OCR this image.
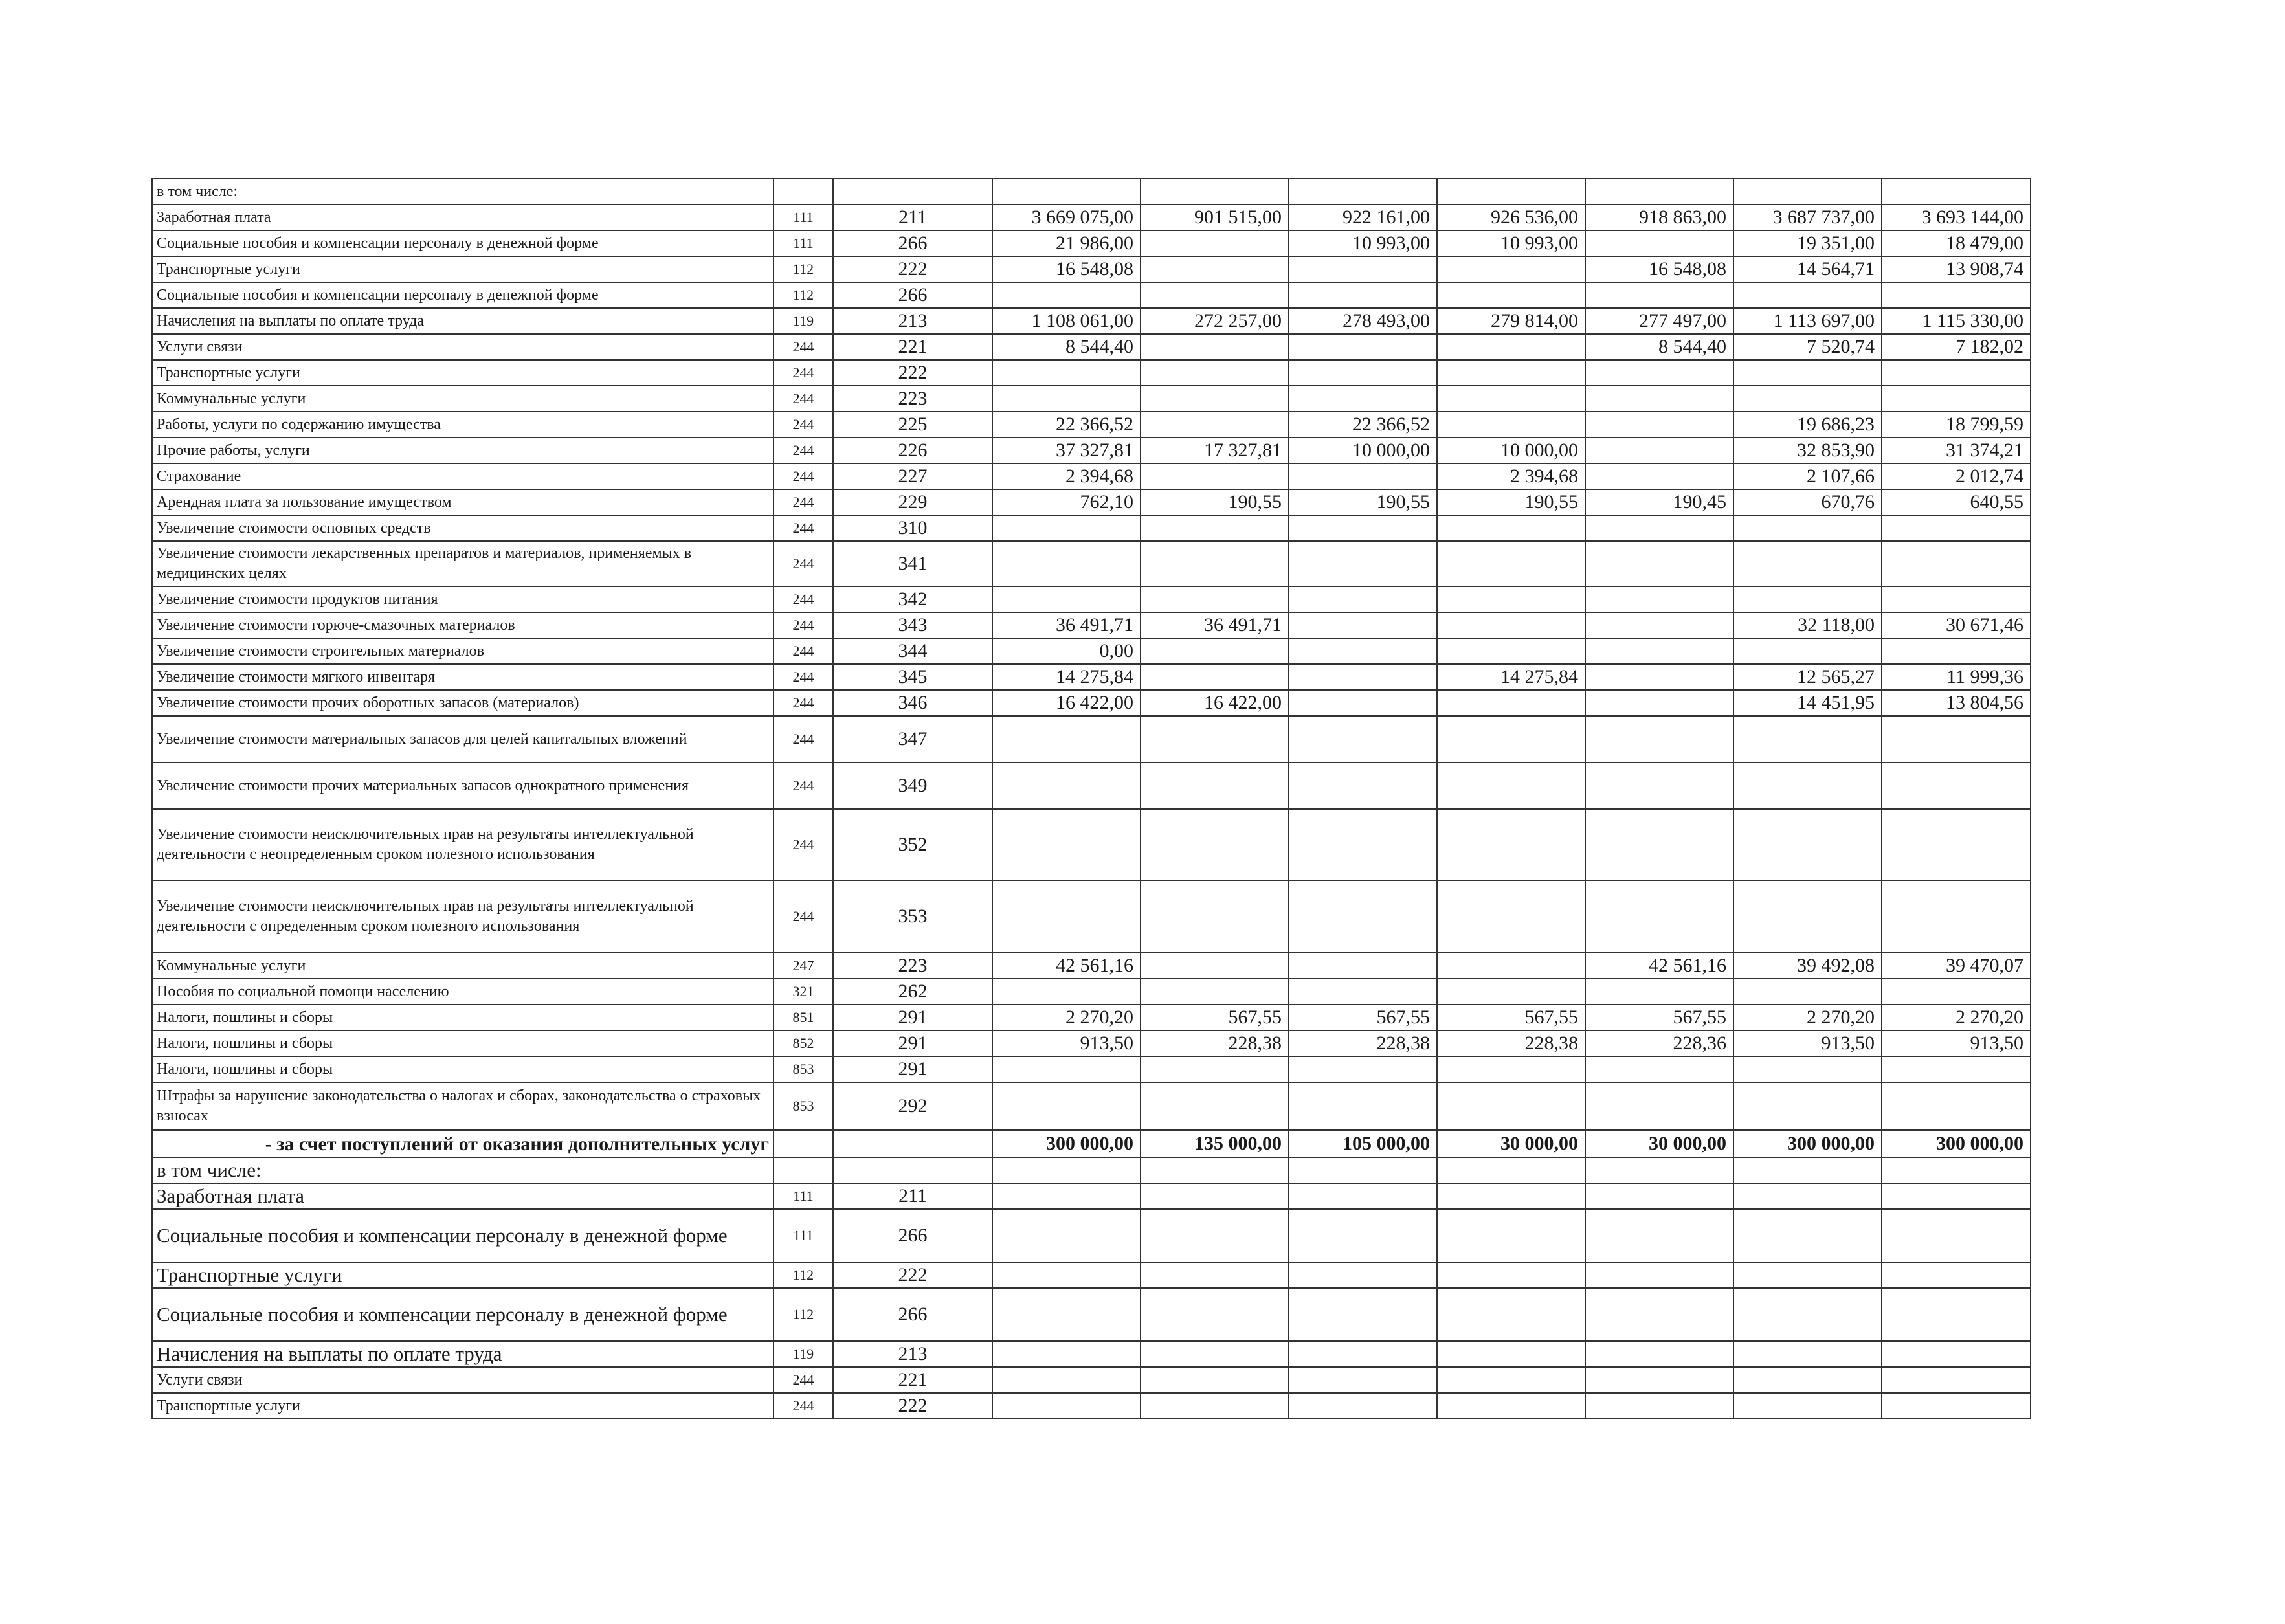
в том числе:									
Заработная плата	111	211	3 669 075,00	901 515,00	922 161,00	926 536,00	918 863,00	3 687 737,00	3 693 144,00
Социальные пособия и компенсации персоналу в денежной форме	111	266	21 986,00		10 993,00	10 993,00		19 351,00	18 479,00
Транспортные услуги	112	222	16 548,08				16 548,08	14 564,71	13 908,74
Социальные пособия и компенсации персоналу в денежной форме	112	266							
Начисления на выплаты по оплате труда	119	213	1 108 061,00	272 257,00	278 493,00	279 814,00	277 497,00	1 113 697,00	1 115 330,00
Услуги связи	244	221	8 544,40				8 544,40	7 520,74	7 182,02
Транспортные услуги	244	222							
Коммунальные услуги	244	223							
Работы, услуги по содержанию имущества	244	225	22 366,52		22 366,52			19 686,23	18 799,59
Прочие работы, услуги	244	226	37 327,81	17 327,81	10 000,00	10 000,00		32 853,90	31 374,21
Страхование	244	227	2 394,68			2 394,68		2 107,66	2 012,74
Арендная плата за пользование имуществом	244	229	762,10	190,55	190,55	190,55	190,45	670,76	640,55
Увеличение стоимости основных средств	244	310							
Увеличение стоимости лекарственных препаратов и материалов, применяемых в медицинских целях	244	341							
Увеличение стоимости продуктов питания	244	342							
Увеличение стоимости горюче-смазочных материалов	244	343	36 491,71	36 491,71				32 118,00	30 671,46
Увеличение стоимости строительных материалов	244	344	0,00						
Увеличение стоимости мягкого инвентаря	244	345	14 275,84			14 275,84		12 565,27	11 999,36
Увеличение стоимости прочих оборотных запасов (материалов)	244	346	16 422,00	16 422,00				14 451,95	13 804,56
Увеличение стоимости материальных запасов для целей капитальных вложений	244	347							
Увеличение стоимости прочих материальных запасов однократного применения	244	349							
Увеличение стоимости неисключительных прав на результаты интеллектуальной деятельности с неопределенным сроком полезного использования	244	352							
Увеличение стоимости неисключительных прав на результаты интеллектуальной деятельности с определенным сроком полезного использования	244	353							
Коммунальные услуги	247	223	42 561,16				42 561,16	39 492,08	39 470,07
Пособия по социальной помощи населению	321	262							
Налоги, пошлины и сборы	851	291	2 270,20	567,55	567,55	567,55	567,55	2 270,20	2 270,20
Налоги, пошлины и сборы	852	291	913,50	228,38	228,38	228,38	228,36	913,50	913,50
Налоги, пошлины и сборы	853	291							
Штрафы за нарушение законодательства о налогах и сборах, законодательства о страховых взносах	853	292							
- за счет поступлений от оказания дополнительных услуг			300 000,00	135 000,00	105 000,00	30 000,00	30 000,00	300 000,00	300 000,00
в том числе:									
Заработная плата	111	211							
Социальные пособия и компенсации персоналу в денежной форме	111	266							
Транспортные услуги	112	222							
Социальные пособия и компенсации персоналу в денежной форме	112	266							
Начисления на выплаты по оплате труда	119	213							
Услуги связи	244	221							
Транспортные услуги	244	222							
